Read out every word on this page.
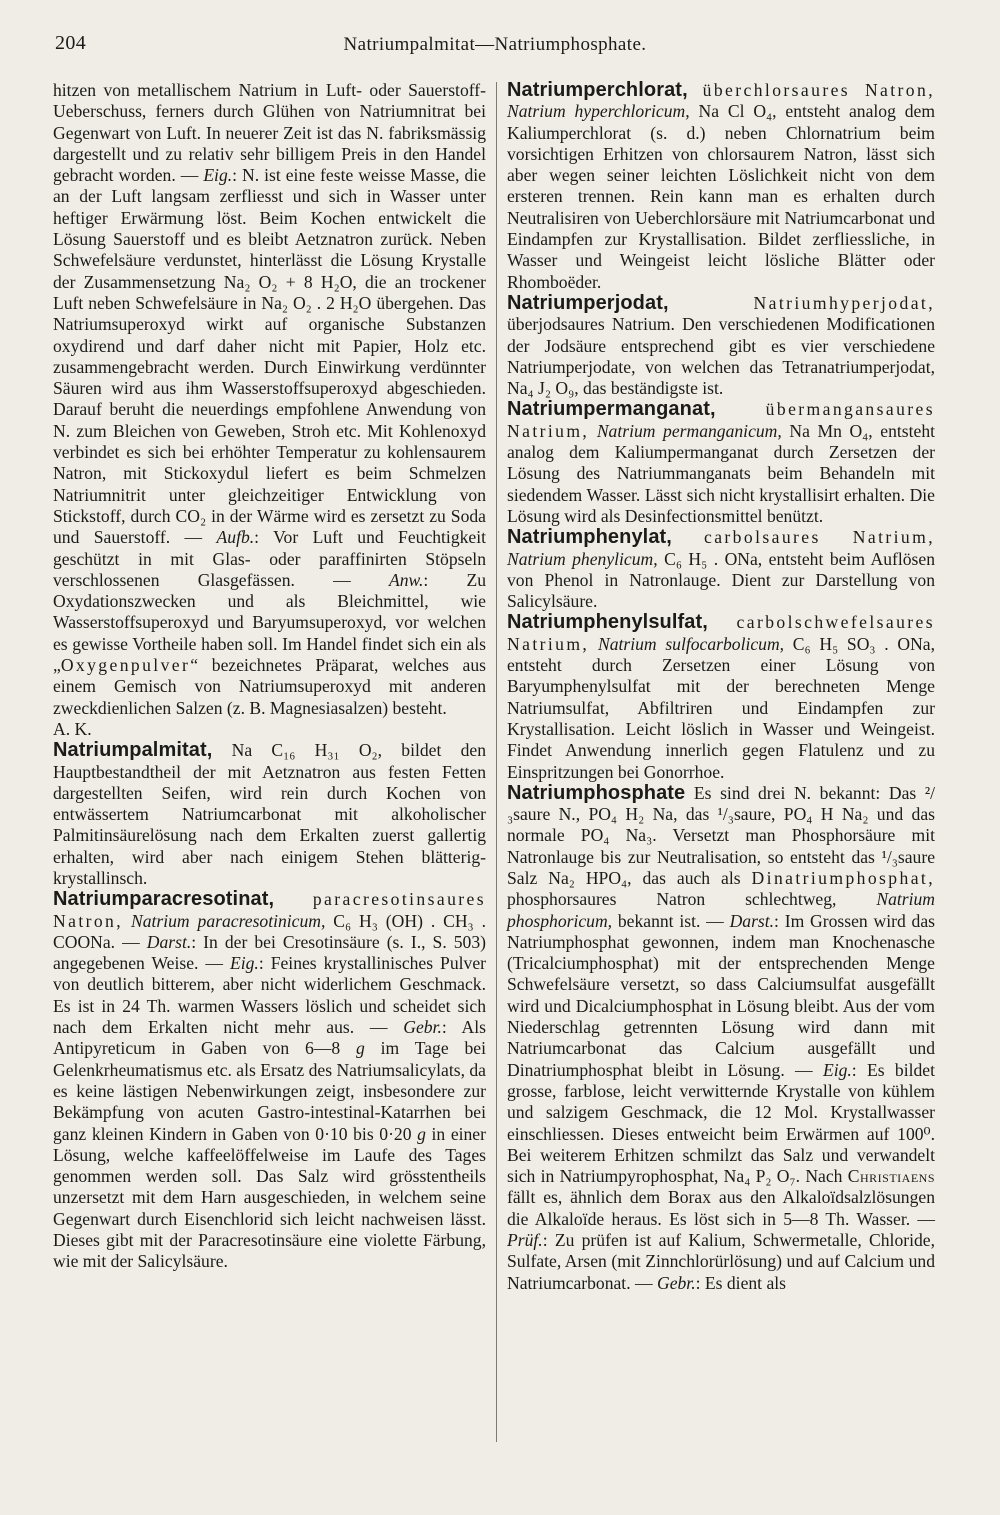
204	Natriumpalmitat—Natriumphosphate.

hitzen von metallischem Natrium in Luft- oder Sauerstoff-Ueberschuss, ferners durch Glühen von Natriumnitrat bei Gegenwart von Luft. In neuerer Zeit ist das N. fabriksmässig dargestellt und zu relativ sehr billigem Preis in den Handel gebracht worden. — Eig.: N. ist eine feste weisse Masse, die an der Luft langsam zerfliesst und sich in Wasser unter heftiger Erwärmung löst. Beim Kochen entwickelt die Lösung Sauerstoff und es bleibt Aetznatron zurück. Neben Schwefelsäure verdunstet, hinterlässt die Lösung Krystalle der Zusammensetzung Na₂ O₂ + 8 H₂O, die an trockener Luft neben Schwefelsäure in Na₂ O₂ . 2 H₂O übergehen. Das Natriumsuperoxyd wirkt auf organische Substanzen oxydirend und darf daher nicht mit Papier, Holz etc. zusammengebracht werden. Durch Einwirkung verdünnter Säuren wird aus ihm Wasserstoffsuperoxyd abgeschieden. Darauf beruht die neuerdings empfohlene Anwendung von N. zum Bleichen von Geweben, Stroh etc. Mit Kohlenoxyd verbindet es sich bei erhöhter Temperatur zu kohlensaurem Natron, mit Stickoxydul liefert es beim Schmelzen Natriumnitrit unter gleichzeitiger Entwicklung von Stickstoff, durch CO₂ in der Wärme wird es zersetzt zu Soda und Sauerstoff. — Aufb.: Vor Luft und Feuchtigkeit geschützt in mit Glas- oder paraffinirten Stöpseln verschlossenen Glasgefässen. — Anw.: Zu Oxydationszwecken und als Bleichmittel, wie Wasserstoffsuperoxyd und Baryumsuperoxyd, vor welchen es gewisse Vortheile haben soll. Im Handel findet sich ein als „Oxygenpulver“ bezeichnetes Präparat, welches aus einem Gemisch von Natriumsuperoxyd mit anderen zweckdienlichen Salzen (z. B. Magnesiasalzen) besteht.

A. K.

Natriumpalmitat, Na C₁₆ H₃₁ O₂, bildet den Hauptbestandtheil der mit Aetznatron aus festen Fetten dargestellten Seifen, wird rein durch Kochen von entwässertem Natriumcarbonat mit alkoholischer Palmitinsäurelösung nach dem Erkalten zuerst gallertig erhalten, wird aber nach einigem Stehen blätterig-krystallinsch.

Natriumparacresotinat, paracresotinsaures Natron, Natrium paracresotinicum, C₆ H₃ (OH) . CH₃ . COONa. — Darst.: In der bei Cresotinsäure (s. I., S. 503) angegebenen Weise. — Eig.: Feines krystallinisches Pulver von deutlich bitterem, aber nicht widerlichem Geschmack. Es ist in 24 Th. warmen Wassers löslich und scheidet sich nach dem Erkalten nicht mehr aus. — Gebr.: Als Antipyreticum in Gaben von 6—8 g im Tage bei Gelenkrheumatismus etc. als Ersatz des Natriumsalicylats, da es keine lästigen Nebenwirkungen zeigt, insbesondere zur Bekämpfung von acuten Gastro-intestinal-Katarrhen bei ganz kleinen Kindern in Gaben von 0·10 bis 0·20 g in einer Lösung, welche kaffeelöffelweise im Laufe des Tages genommen werden soll. Das Salz wird grösstentheils unzersetzt mit dem Harn ausgeschieden, in welchem seine Gegenwart durch Eisenchlorid sich leicht nachweisen lässt. Dieses gibt mit der Paracresotinsäure eine violette Färbung, wie mit der Salicylsäure.

Natriumperchlorat, überchlorsaures Natron, Natrium hyperchloricum, Na Cl O₄, entsteht analog dem Kaliumperchlorat (s. d.) neben Chlornatrium beim vorsichtigen Erhitzen von chlorsaurem Natron, lässt sich aber wegen seiner leichten Löslichkeit nicht von dem ersteren trennen. Rein kann man es erhalten durch Neutralisiren von Ueberchlorsäure mit Natriumcarbonat und Eindampfen zur Krystallisation. Bildet zerfliessliche, in Wasser und Weingeist leicht lösliche Blätter oder Rhomboëder.

Natriumperjodat, Natriumhyperjodat, überjodsaures Natrium. Den verschiedenen Modificationen der Jodsäure entsprechend gibt es vier verschiedene Natriumperjodate, von welchen das Tetranatriumperjodat, Na₄ J₂ O₉, das beständigste ist.

Natriumpermanganat, übermangansaures Natrium, Natrium permanganicum, Na Mn O₄, entsteht analog dem Kaliumpermanganat durch Zersetzen der Lösung des Natriummanganats beim Behandeln mit siedendem Wasser. Lässt sich nicht krystallisirt erhalten. Die Lösung wird als Desinfectionsmittel benützt.

Natriumphenylat, carbolsaures Natrium, Natrium phenylicum, C₆ H₅ . ONa, entsteht beim Auflösen von Phenol in Natronlauge. Dient zur Darstellung von Salicylsäure.

Natriumphenylsulfat, carbolschwefelsaures Natrium, Natrium sulfocarbolicum, C₆ H₅ SO₃ . ONa, entsteht durch Zersetzen einer Lösung von Baryumphenylsulfat mit der berechneten Menge Natriumsulfat, Abfiltriren und Eindampfen zur Krystallisation. Leicht löslich in Wasser und Weingeist. Findet Anwendung innerlich gegen Flatulenz und zu Einspritzungen bei Gonorrhoe.

Natriumphosphate Es sind drei N. bekannt: Das ²/₃saure N., PO₄ H₂ Na, das ¹/₃saure, PO₄ H Na₂ und das normale PO₄ Na₃. Versetzt man Phosphorsäure mit Natronlauge bis zur Neutralisation, so entsteht das ¹/₃saure Salz Na₂ HPO₄, das auch als Dinatriumphosphat, phosphorsaures Natron schlechtweg, Natrium phosphoricum, bekannt ist. — Darst.: Im Grossen wird das Natriumphosphat gewonnen, indem man Knochenasche (Tricalciumphosphat) mit der entsprechenden Menge Schwefelsäure versetzt, so dass Calciumsulfat ausgefällt wird und Dicalciumphosphat in Lösung bleibt. Aus der vom Niederschlag getrennten Lösung wird dann mit Natriumcarbonat das Calcium ausgefällt und Dinatriumphosphat bleibt in Lösung. — Eig.: Es bildet grosse, farblose, leicht verwitternde Krystalle von kühlem und salzigem Geschmack, die 12 Mol. Krystallwasser einschliessen. Dieses entweicht beim Erwärmen auf 100⁰. Bei weiterem Erhitzen schmilzt das Salz und verwandelt sich in Natriumpyrophosphat, Na₄ P₂ O₇. Nach Christiaens fällt es, ähnlich dem Borax aus den Alkaloïdsalzlösungen die Alkaloïde heraus. Es löst sich in 5—8 Th. Wasser. — Prüf.: Zu prüfen ist auf Kalium, Schwermetalle, Chloride, Sulfate, Arsen (mit Zinnchlorürlösung) und auf Calcium und Natriumcarbonat. — Gebr.: Es dient als
